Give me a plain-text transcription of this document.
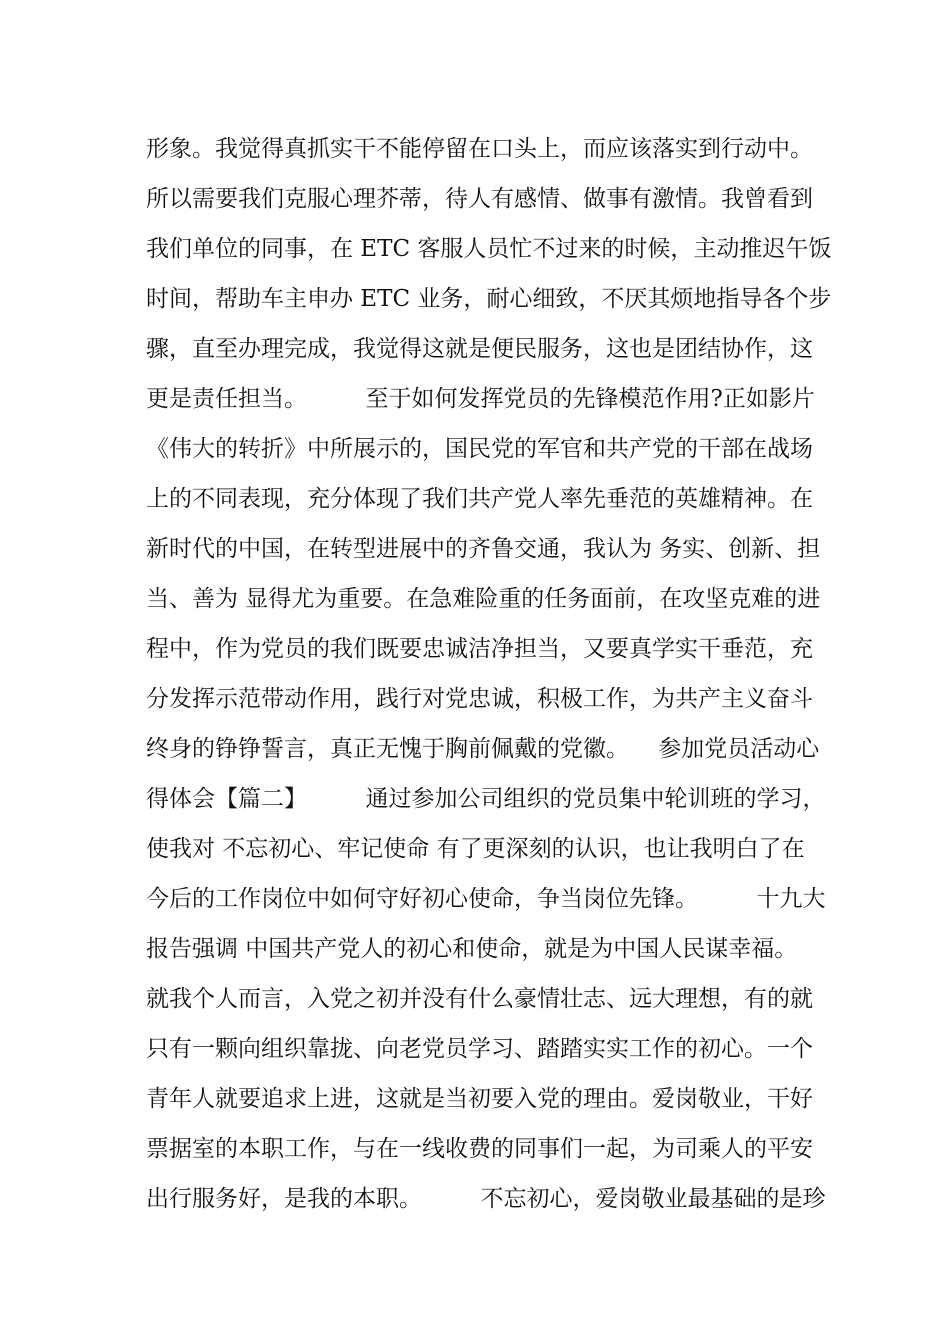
形象。我觉得真抓实干不能停留在口头上，而应该落实到行动中。
所以需要我们克服心理芥蒂，待人有感情、做事有激情。我曾看到
我们单位的同事，在 ETC 客服人员忙不过来的时候，主动推迟午饭
时间，帮助车主申办 ETC 业务，耐心细致，不厌其烦地指导各个步
骤，直至办理完成，我觉得这就是便民服务，这也是团结协作，这
更是责任担当。        至于如何发挥党员的先锋模范作用?正如影片
《伟大的转折》中所展示的，国民党的军官和共产党的干部在战场
上的不同表现，充分体现了我们共产党人率先垂范的英雄精神。在
新时代的中国，在转型进展中的齐鲁交通，我认为 务实、创新、担
当、善为 显得尤为重要。在急难险重的任务面前，在攻坚克难的进
程中，作为党员的我们既要忠诚洁净担当，又要真学实干垂范，充
分发挥示范带动作用，践行对党忠诚，积极工作，为共产主义奋斗
终身的铮铮誓言，真正无愧于胸前佩戴的党徽。    参加党员活动心
得体会【篇二】        通过参加公司组织的党员集中轮训班的学习，
使我对 不忘初心、牢记使命 有了更深刻的认识，也让我明白了在
今后的工作岗位中如何守好初心使命，争当岗位先锋。        十九大
报告强调 中国共产党人的初心和使命，就是为中国人民谋幸福。
就我个人而言，入党之初并没有什么豪情壮志、远大理想，有的就
只有一颗向组织靠拢、向老党员学习、踏踏实实工作的初心。一个
青年人就要追求上进，这就是当初要入党的理由。爱岗敬业，干好
票据室的本职工作，与在一线收费的同事们一起，为司乘人的平安
出行服务好，是我的本职。        不忘初心，爱岗敬业最基础的是珍
